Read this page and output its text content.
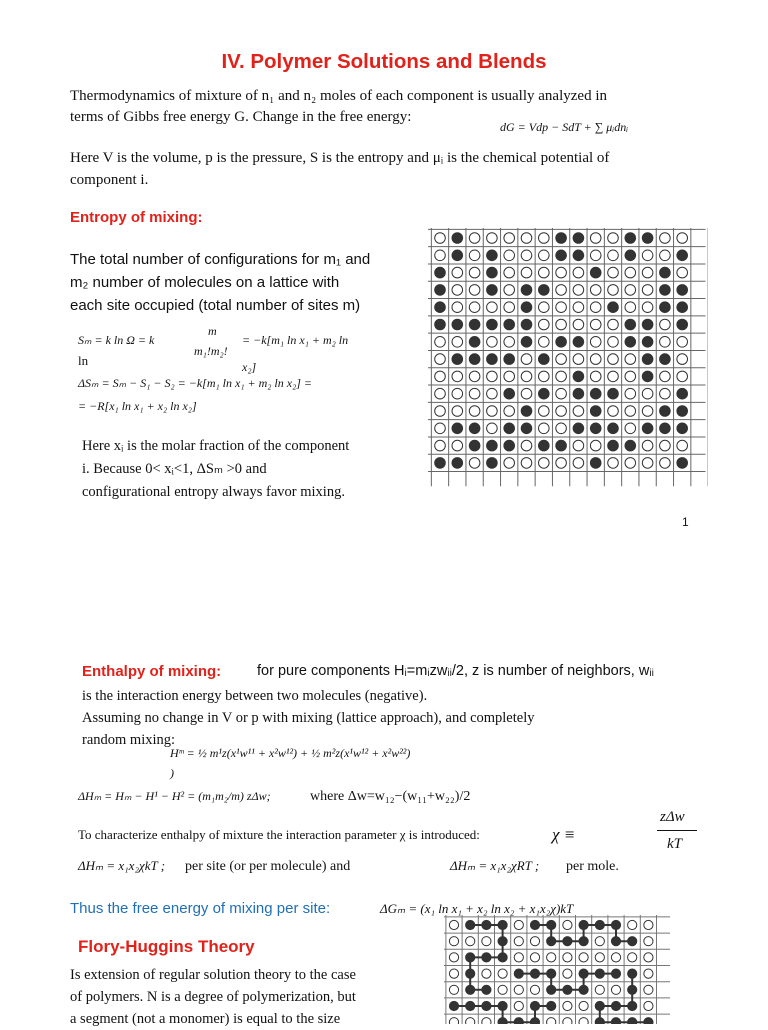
IV. Polymer Solutions and Blends
Thermodynamics of mixture of n₁ and n₂ moles of each component is usually analyzed in
terms of Gibbs free energy G. Change in the free energy:
dG = Vdp − SdT + ∑ μᵢdnᵢ
Here V is the volume, p is the pressure, S is the entropy and μᵢ is the chemical potential of
component i.
Entropy of mixing:
The total number of configurations for m₁ and
m₂ number of molecules on a lattice with
each site occupied (total number of sites m)
Sₘ = k ln Ω = k
m
m₁!m₂!
= −k[m₁ ln x₁ + m₂ ln
ln	x₂]
ΔSₘ = Sₘ − S₁ − S₂ = −k[m₁ ln x₁ + m₂ ln x₂] =
= −R[x₁ ln x₁ + x₂ ln x₂]
Here xᵢ is the molar fraction of the component
i. Because 0< xᵢ<1, ΔSₘ >0 and
configurational entropy always favor mixing.
1
Enthalpy of mixing: for pure components Hᵢ=mᵢzwᵢᵢ/2, z is number of neighbors, wᵢᵢ
is the interaction energy between two molecules (negative).
Assuming no change in V or p with mixing (lattice approach), and completely
random mixing:
Hᵐ = ½ m¹z(x¹w¹¹ + x²w¹²) + ½ m²z(x¹w¹² + x²w²²)
)
ΔHₘ = Hₘ − H¹ − H² = (m₁m₂/m) zΔw;	where Δw=w₁₂−(w₁₁+w₂₂)/2
To characterize enthalpy of mixture the interaction parameter χ is introduced:	χ ≡
zΔw
kT
ΔHₘ = x₁x₂χkT ; per site (or per molecule) and	ΔHₘ = x₁x₂χRT ; per mole.
Thus the free energy of mixing per site:	ΔGₘ = (x₁ ln x₁ + x₂ ln x₂ + x₁x₂χ)kT
Flory-Huggins Theory
Is extension of regular solution theory to the case
of polymers. N is a degree of polymerization, but
a segment (not a monomer) is equal to the size
